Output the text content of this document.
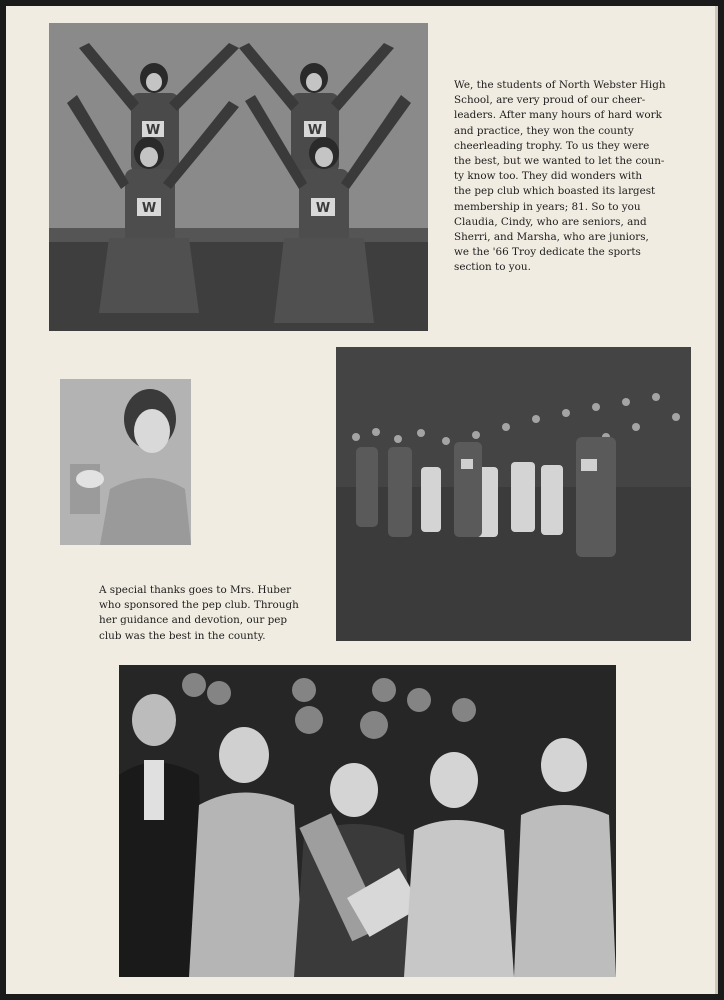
W	W
W	W

We, the students of North Webster High
School, are very proud of our cheer-
leaders. After many hours of hard work
and practice, they won the county
cheerleading trophy. To us they were
the best, but we wanted to let the coun-
ty know too. They did wonders with
the pep club which boasted its largest
membership in years; 81. So to you
Claudia, Cindy, who are seniors, and
Sherri, and Marsha, who are juniors,
we the '66 Troy dedicate the sports
section to you.

A special thanks goes to Mrs. Huber
who sponsored the pep club. Through
her guidance and devotion, our pep
club was the best in the county.
